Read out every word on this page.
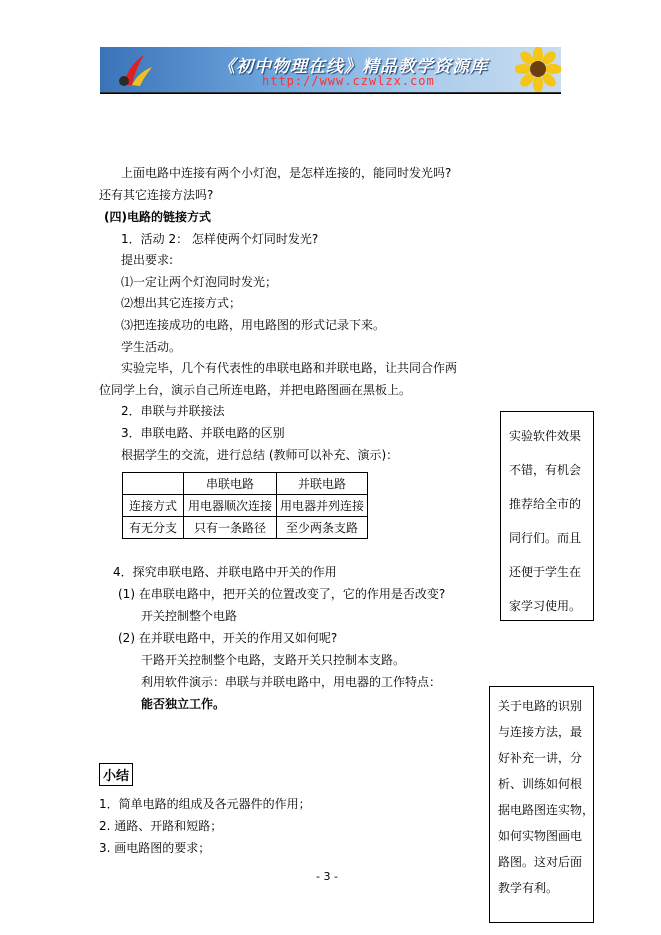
《初中物理在线》精品教学资源库
http://www.czwlzx.com
上面电路中连接有两个小灯泡，是怎样连接的，能同时发光吗?
还有其它连接方法吗?
(四)电路的链接方式
1．活动 2： 怎样使两个灯同时发光?
提出要求:
⑴一定让两个灯泡同时发光；
⑵想出其它连接方式；
⑶把连接成功的电路，用电路图的形式记录下来。
学生活动。
实验完毕，几个有代表性的串联电路和并联电路，让共同合作两
位同学上台，演示自己所连电路，并把电路图画在黑板上。
2．串联与并联接法
3．串联电路、并联电路的区别
根据学生的交流，进行总结 (教师可以补充、演示)：
	串联电路	并联电路
连接方式	用电器顺次连接	用电器并列连接
有无分支	只有一条路径	至少两条支路
4．探究串联电路、并联电路中开关的作用
(1) 在串联电路中，把开关的位置改变了，它的作用是否改变?
开关控制整个电路
(2) 在并联电路中，开关的作用又如何呢?
干路开关控制整个电路，支路开关只控制本支路。
利用软件演示：串联与并联电路中，用电器的工作特点：
能否独立工作。
小结
1．简单电路的组成及各元器件的作用；
2. 通路、开路和短路；
3. 画电路图的要求；
实验软件效果
不错，有机会
推荐给全市的
同行们。而且
还便于学生在
家学习使用。
关于电路的识别
与连接方法，最
好补充一讲，分
析、训练如何根
据电路图连实物，
如何实物图画电
路图。这对后面
教学有利。
- 3 -
